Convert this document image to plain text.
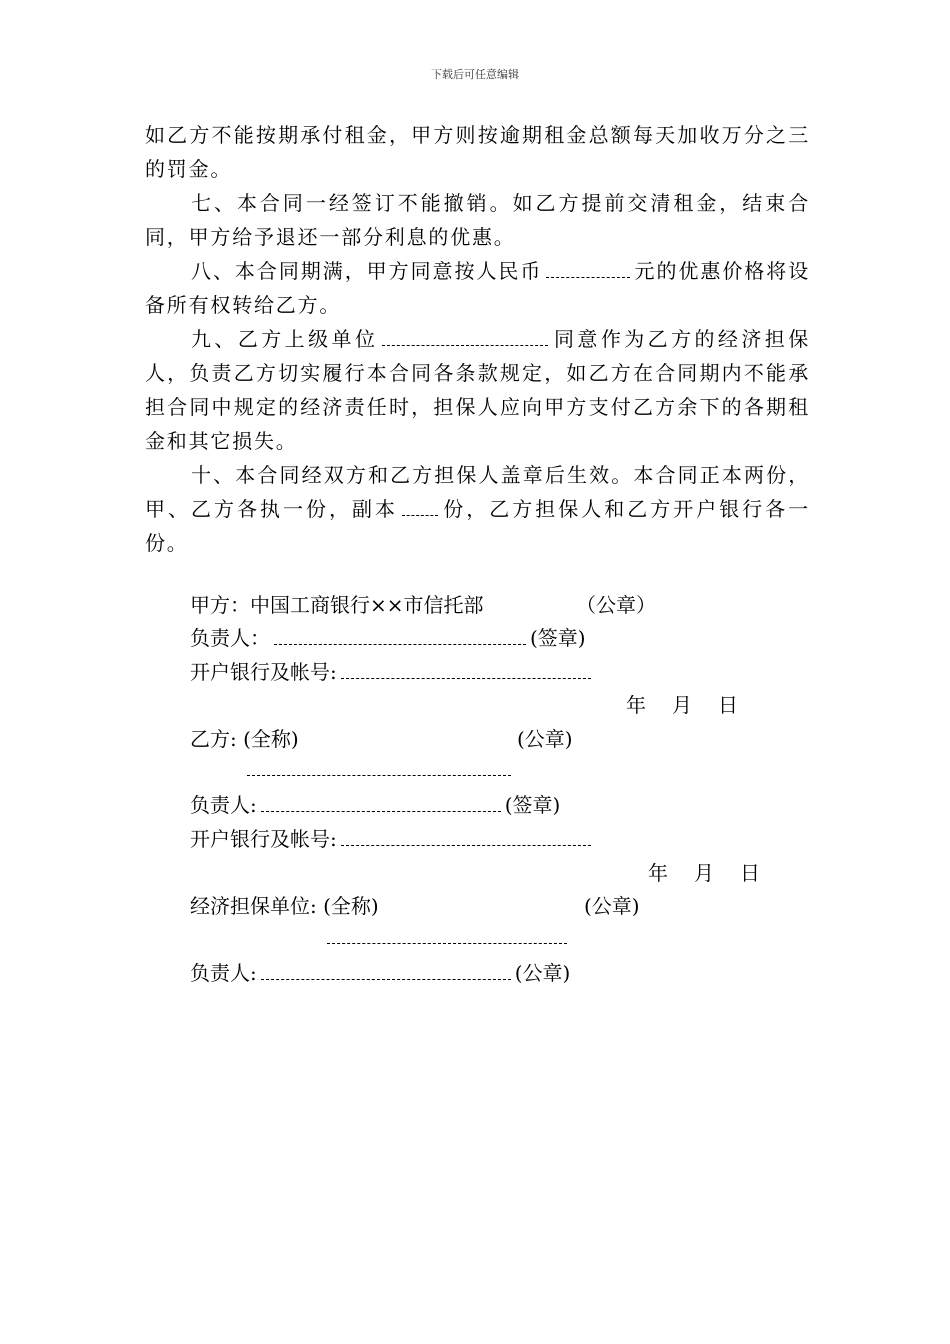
下载后可任意编辑

如乙方不能按期承付租金，甲方则按逾期租金总额每天加收万分之三的罚金。

七、本合同一经签订不能撤销。如乙方提前交清租金，结束合同，甲方给予退还一部分利息的优惠。

八、本合同期满，甲方同意按人民币	元的优惠价格将设备所有权转给乙方。

九、乙方上级单位	同意作为乙方的经济担保人，负责乙方切实履行本合同各条款规定，如乙方在合同期内不能承担合同中规定的经济责任时，担保人应向甲方支付乙方余下的各期租金和其它损失。

十、本合同经双方和乙方担保人盖章后生效。本合同正本两份，甲、乙方各执一份，副本 份，乙方担保人和乙方开户银行各一份。

甲方：中国工商银行××市信托部	（公章）
负责人：	(签章)
开户银行及帐号:
年 月 日
乙方: (全称)	(公章)
负责人:	(签章)
开户银行及帐号:
年 月 日
经济担保单位: (全称)	(公章)
负责人:	(公章)
